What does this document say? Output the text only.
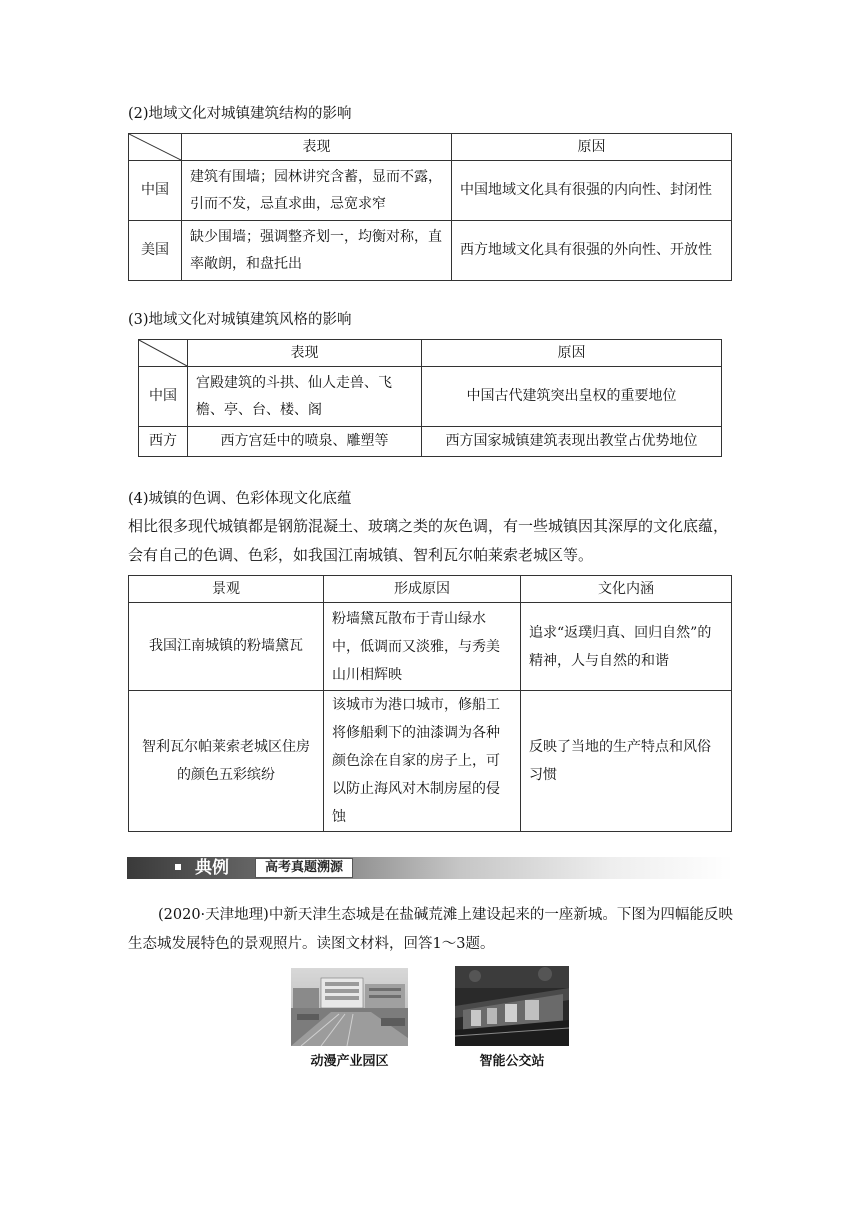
(2)地域文化对城镇建筑结构的影响
	表现	原因
中国	建筑有围墙；园林讲究含蓄，显而不露，引而不发，忌直求曲，忌宽求窄	中国地域文化具有很强的内向性、封闭性
美国	缺少围墙；强调整齐划一，均衡对称，直率敞朗，和盘托出	西方地域文化具有很强的外向性、开放性
(3)地域文化对城镇建筑风格的影响
	表现	原因
中国	宫殿建筑的斗拱、仙人走兽、飞檐、亭、台、楼、阁	中国古代建筑突出皇权的重要地位
西方	西方宫廷中的喷泉、雕塑等	西方国家城镇建筑表现出教堂占优势地位
(4)城镇的色调、色彩体现文化底蕴
相比很多现代城镇都是钢筋混凝土、玻璃之类的灰色调，有一些城镇因其深厚的文化底蕴，会有自己的色调、色彩，如我国江南城镇、智利瓦尔帕莱索老城区等。
景观	形成原因	文化内涵
我国江南城镇的粉墙黛瓦	粉墙黛瓦散布于青山绿水中，低调而又淡雅，与秀美山川相辉映	追求“返璞归真、回归自然”的精神，人与自然的和谐
智利瓦尔帕莱索老城区住房的颜色五彩缤纷	该城市为港口城市，修船工将修船剩下的油漆调为各种颜色涂在自家的房子上，可以防止海风对木制房屋的侵蚀	反映了当地的生产特点和风俗习惯
典例	高考真题溯源
(2020·天津地理)中新天津生态城是在盐碱荒滩上建设起来的一座新城。下图为四幅能反映生态城发展特色的景观照片。读图文材料，回答1～3题。
动漫产业园区	智能公交站
